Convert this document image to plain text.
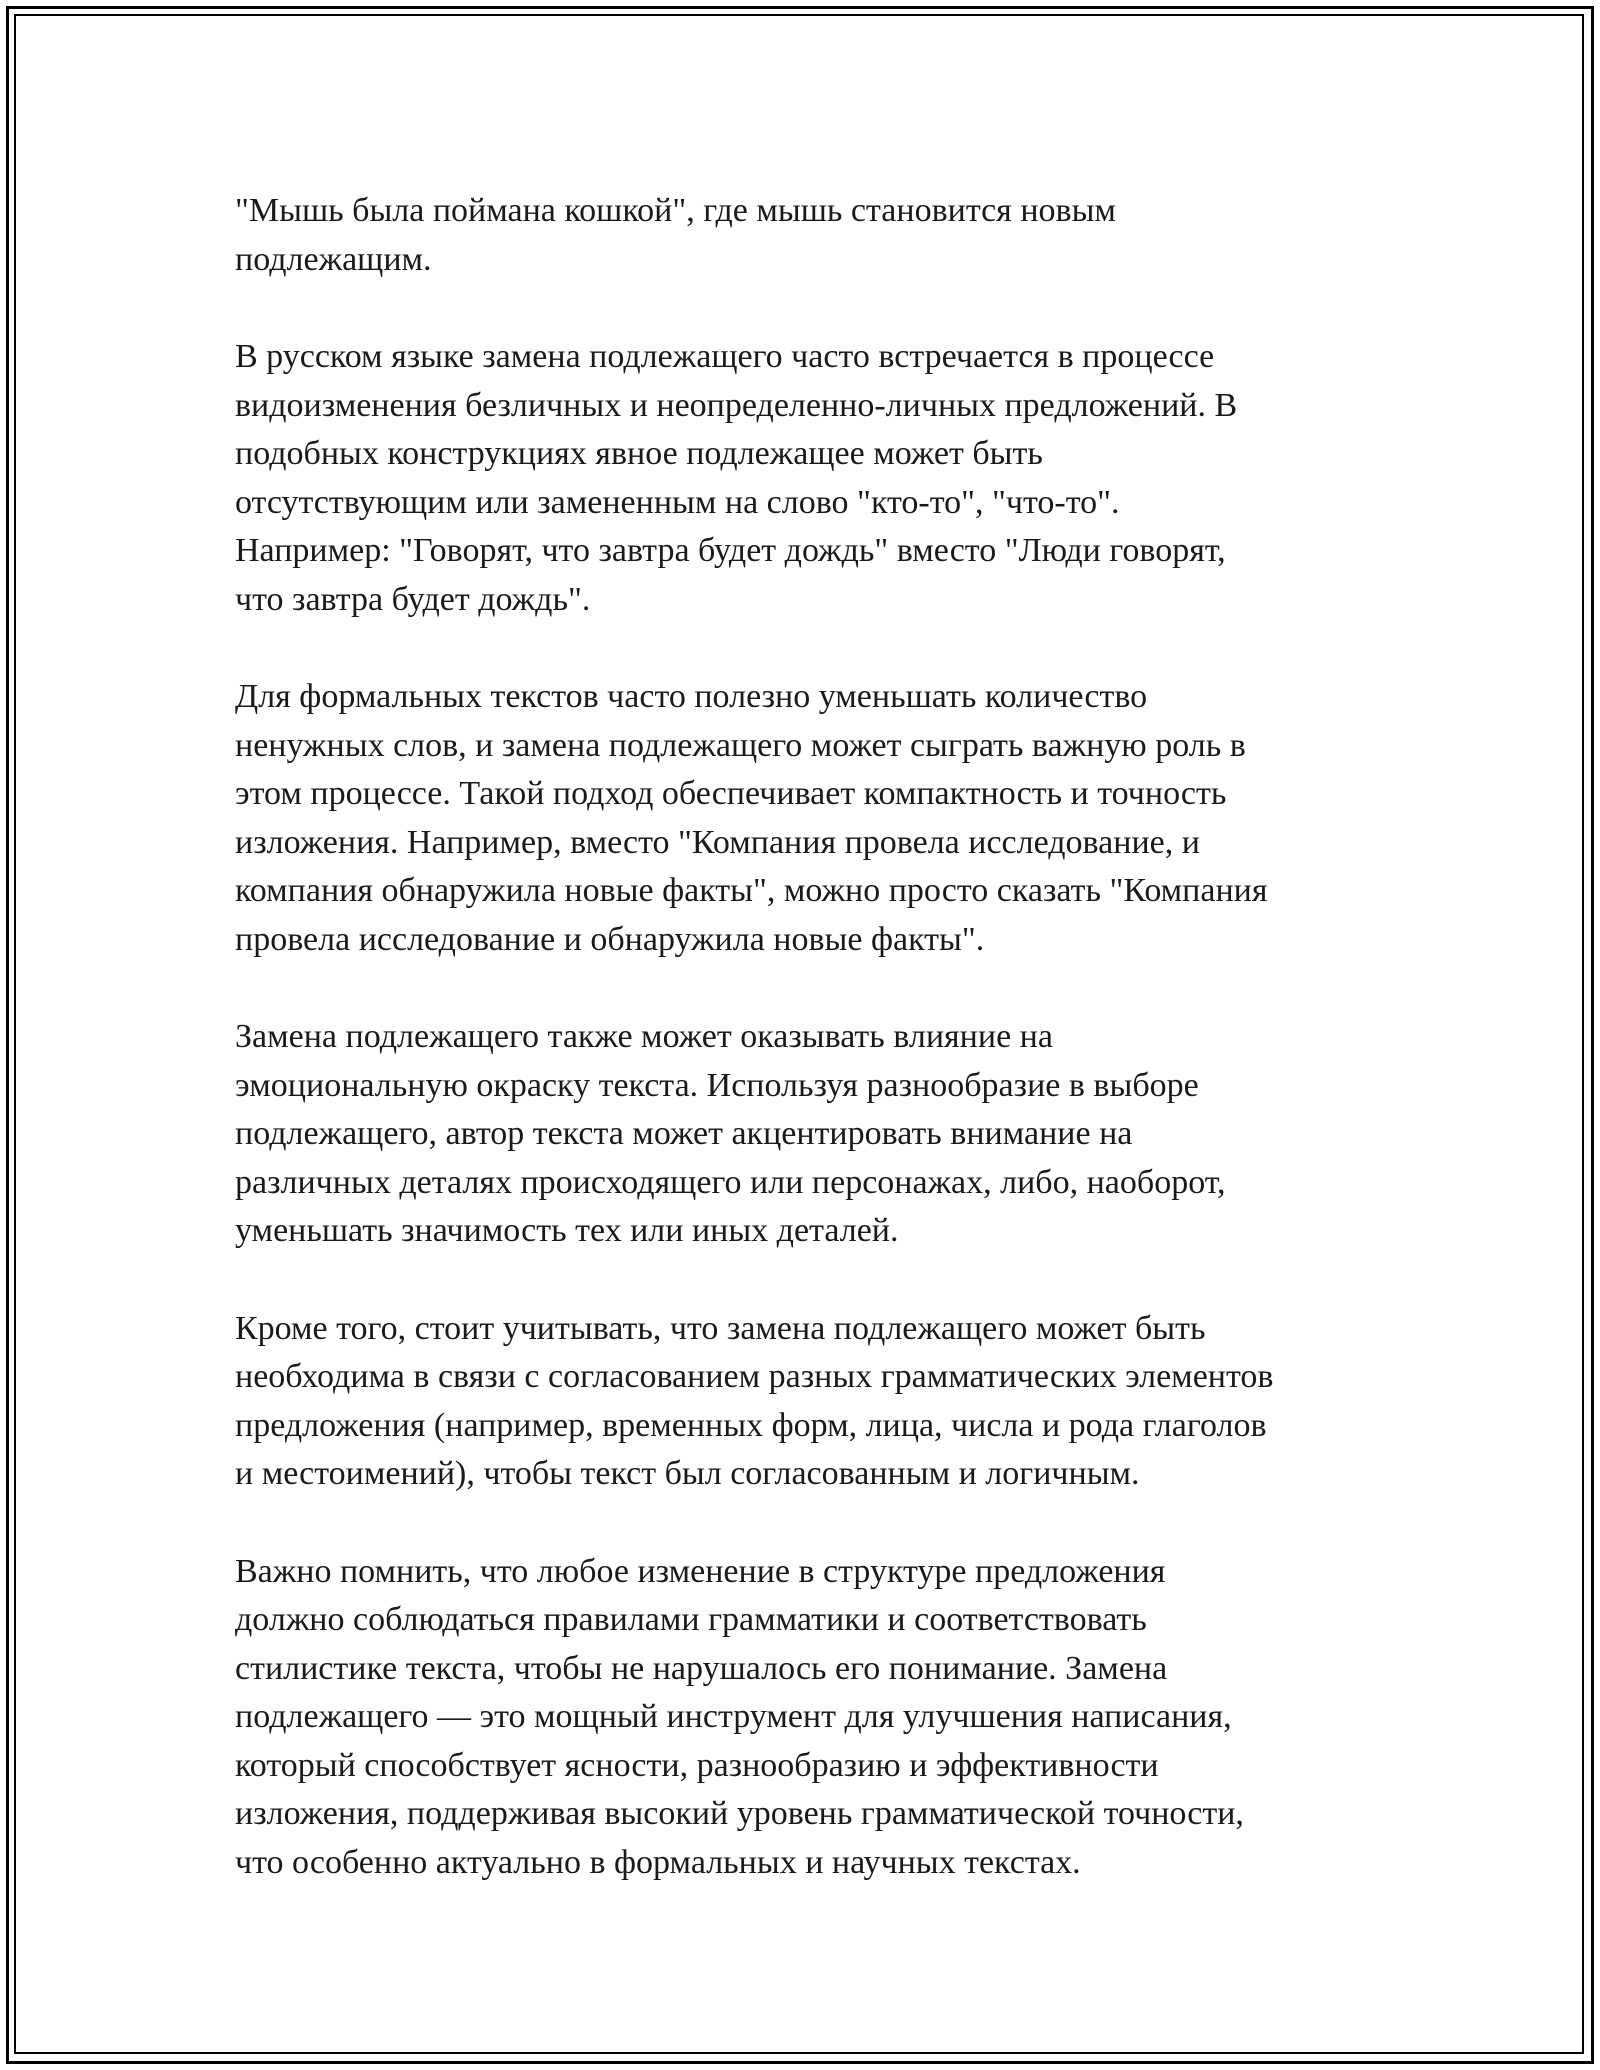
"Мышь была поймана кошкой", где мышь становится новым
подлежащим.

В русском языке замена подлежащего часто встречается в процессе
видоизменения безличных и неопределенно-личных предложений. В
подобных конструкциях явное подлежащее может быть
отсутствующим или замененным на слово "кто-то", "что-то".
Например: "Говорят, что завтра будет дождь" вместо "Люди говорят,
что завтра будет дождь".

Для формальных текстов часто полезно уменьшать количество
ненужных слов, и замена подлежащего может сыграть важную роль в
этом процессе. Такой подход обеспечивает компактность и точность
изложения. Например, вместо "Компания провела исследование, и
компания обнаружила новые факты", можно просто сказать "Компания
провела исследование и обнаружила новые факты".

Замена подлежащего также может оказывать влияние на
эмоциональную окраску текста. Используя разнообразие в выборе
подлежащего, автор текста может акцентировать внимание на
различных деталях происходящего или персонажах, либо, наоборот,
уменьшать значимость тех или иных деталей.

Кроме того, стоит учитывать, что замена подлежащего может быть
необходима в связи с согласованием разных грамматических элементов
предложения (например, временных форм, лица, числа и рода глаголов
и местоимений), чтобы текст был согласованным и логичным.

Важно помнить, что любое изменение в структуре предложения
должно соблюдаться правилами грамматики и соответствовать
стилистике текста, чтобы не нарушалось его понимание. Замена
подлежащего — это мощный инструмент для улучшения написания,
который способствует ясности, разнообразию и эффективности
изложения, поддерживая высокий уровень грамматической точности,
что особенно актуально в формальных и научных текстах.
